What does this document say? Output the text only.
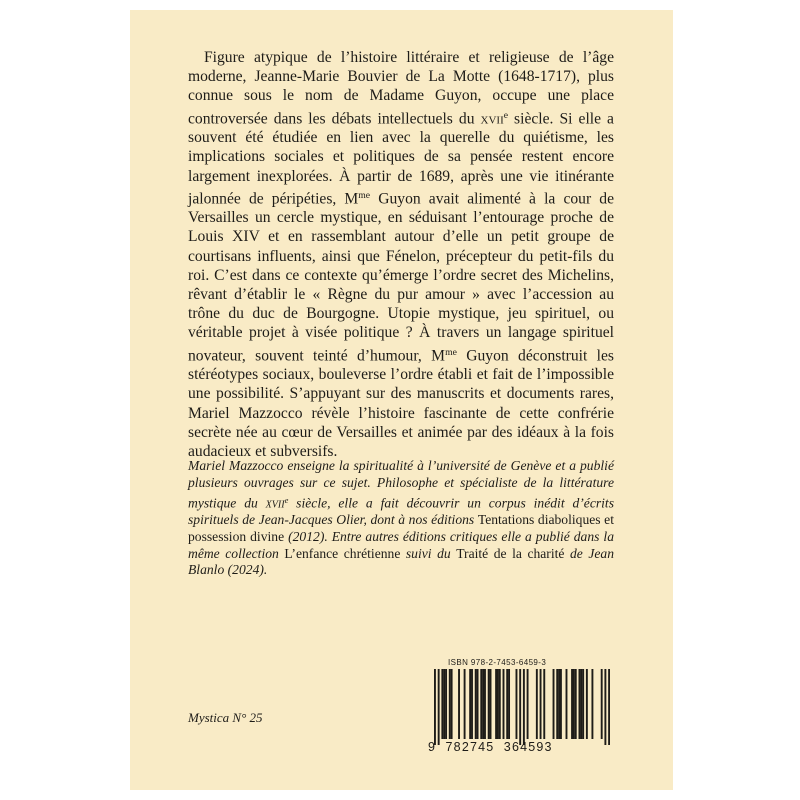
Figure atypique de l’histoire littéraire et religieuse de l’âge moderne, Jeanne-Marie Bouvier de La Motte (1648-1717), plus connue sous le nom de Madame Guyon, occupe une place controversée dans les débats intellectuels du xvii$^e$ siècle. Si elle a souvent été étudiée en lien avec la querelle du quiétisme, les implications sociales et politiques de sa pensée restent encore largement inexplorées. À partir de 1689, après une vie itinérante jalonnée de péripéties, $M^{me}$ Guyon avait alimenté à la cour de Versailles un cercle mystique, en séduisant l’entourage proche de Louis XIV et en rassemblant autour d’elle un petit groupe de courtisans influents, ainsi que Fénelon, précepteur du petit-fils du roi. C’est dans ce contexte qu’émerge l’ordre secret des Michelins, rêvant d’établir le « Règne du pur amour » avec l’accession au trône du duc de Bourgogne. Utopie mystique, jeu spirituel, ou véritable projet à visée politique ? À travers un langage spirituel novateur, souvent teinté d’humour, $M^{me}$ Guyon déconstruit les stéréotypes sociaux, bouleverse l’ordre établi et fait de l’impossible une possibilité. S’appuyant sur des manuscrits et documents rares, Mariel Mazzocco révèle l’histoire fascinante de cette confrérie secrète née au cœur de Versailles et animée par des idéaux à la fois audacieux et subversifs.

Mariel Mazzocco enseigne la spiritualité à l’université de Genève et a publié plusieurs ouvrages sur ce sujet. Philosophe et spécialiste de la littérature mystique du xvii$^e$ siècle, elle a fait découvrir un corpus inédit d’écrits spirituels de Jean-Jacques Olier, dont à nos éditions Tentations diaboliques et possession divine (2012). Entre autres éditions critiques elle a publié dans la même collection L’enfance chrétienne suivi du Traité de la charité de Jean Blanlo (2024).

Mystica N° 25

ISBN 978-2-7453-6459-3
9 782745 364593
